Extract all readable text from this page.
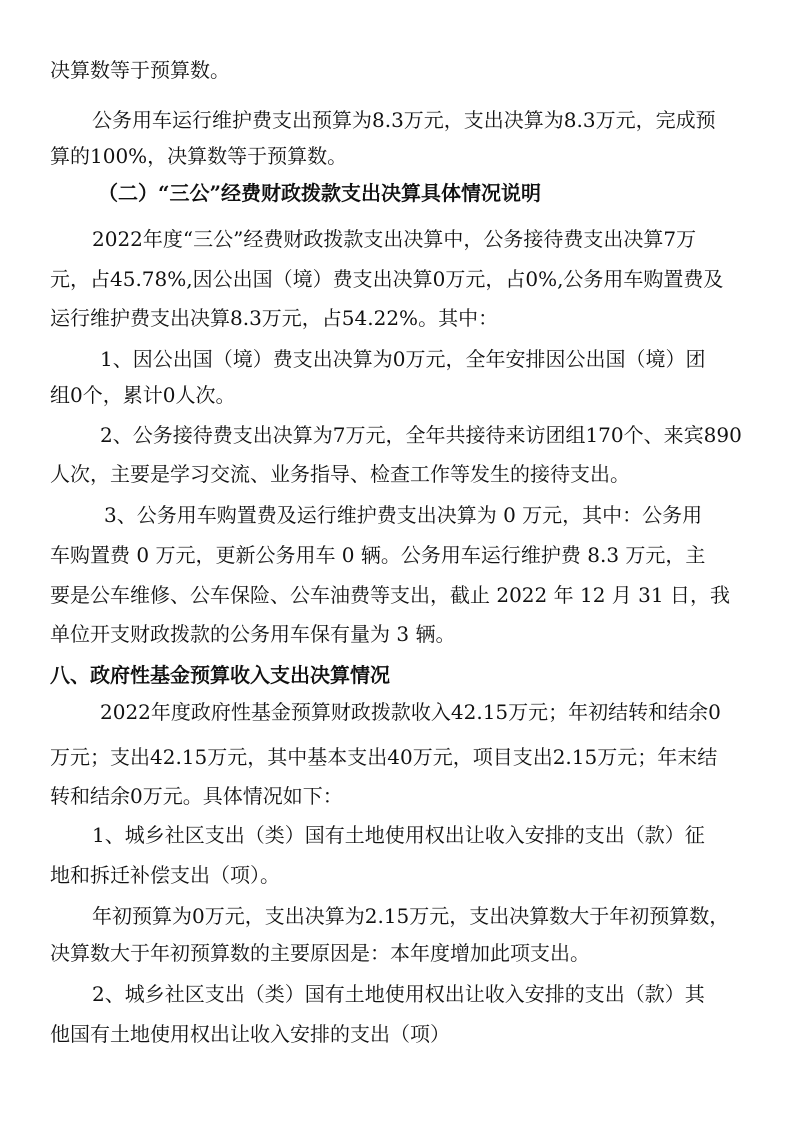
决算数等于预算数。
公务用车运行维护费支出预算为8.3万元，支出决算为8.3万元，完成预
算的100%，决算数等于预算数。
（二）“三公”经费财政拨款支出决算具体情况说明
2022年度“三公”经费财政拨款支出决算中，公务接待费支出决算7万
元，占45.78%,因公出国（境）费支出决算0万元，占0%,公务用车购置费及
运行维护费支出决算8.3万元，占54.22%。其中：
1、因公出国（境）费支出决算为0万元，全年安排因公出国（境）团
组0个，累计0人次。
2、公务接待费支出决算为7万元，全年共接待来访团组170个、来宾890
人次，主要是学习交流、业务指导、检查工作等发生的接待支出。
3、公务用车购置费及运行维护费支出决算为 0 万元，其中：公务用
车购置费 0 万元，更新公务用车 0 辆。公务用车运行维护费 8.3 万元，主
要是公车维修、公车保险、公车油费等支出，截止 2022 年 12 月 31 日，我
单位开支财政拨款的公务用车保有量为 3 辆。
八、政府性基金预算收入支出决算情况
2022年度政府性基金预算财政拨款收入42.15万元；年初结转和结余0
万元；支出42.15万元，其中基本支出40万元，项目支出2.15万元；年末结
转和结余0万元。具体情况如下：
1、城乡社区支出（类）国有土地使用权出让收入安排的支出（款）征
地和拆迁补偿支出（项）。
年初预算为0万元，支出决算为2.15万元，支出决算数大于年初预算数，
决算数大于年初预算数的主要原因是：本年度增加此项支出。
2、城乡社区支出（类）国有土地使用权出让收入安排的支出（款）其
他国有土地使用权出让收入安排的支出（项）
